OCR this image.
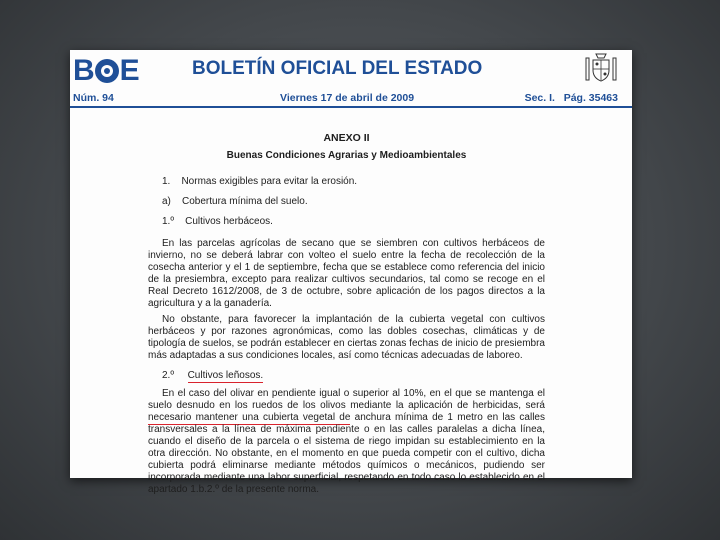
B E	BOLETÍN OFICIAL DEL ESTADO
Núm. 94	Viernes 17 de abril de 2009	Sec. I.   Pág. 35463
ANEXO II
Buenas Condiciones Agrarias y Medioambientales
1.    Normas exigibles para evitar la erosión.
a)    Cobertura mínima del suelo.
1.º    Cultivos herbáceos.

En las parcelas agrícolas de secano que se siembren con cultivos herbáceos de invierno, no se deberá labrar con volteo el suelo entre la fecha de recolección de la cosecha anterior y el 1 de septiembre, fecha que se establece como referencia del inicio de la presiembra, excepto para realizar cultivos secundarios, tal como se recoge en el Real Decreto 1612/2008, de 3 de octubre, sobre aplicación de los pagos directos a la agricultura y a la ganadería.

No obstante, para favorecer la implantación de la cubierta vegetal con cultivos herbáceos y por razones agronómicas, como las dobles cosechas, climáticas y de tipología de suelos, se podrán establecer en ciertas zonas fechas de inicio de presiembra más adaptadas a sus condiciones locales, así como técnicas adecuadas de laboreo.

2.º Cultivos leñosos.

En el caso del olivar en pendiente igual o superior al 10%, en el que se mantenga el suelo desnudo en los ruedos de los olivos mediante la aplicación de herbicidas, será necesario mantener una cubierta vegetal de anchura mínima de 1 metro en las calles transversales a la línea de máxima pendiente o en las calles paralelas a dicha línea, cuando el diseño de la parcela o el sistema de riego impidan su establecimiento en la otra dirección. No obstante, en el momento en que pueda competir con el cultivo, dicha cubierta podrá eliminarse mediante métodos químicos o mecánicos, pudiendo ser incorporada mediante una labor superficial, respetando en todo caso lo establecido en el apartado 1.b.2.º de la presente norma.
